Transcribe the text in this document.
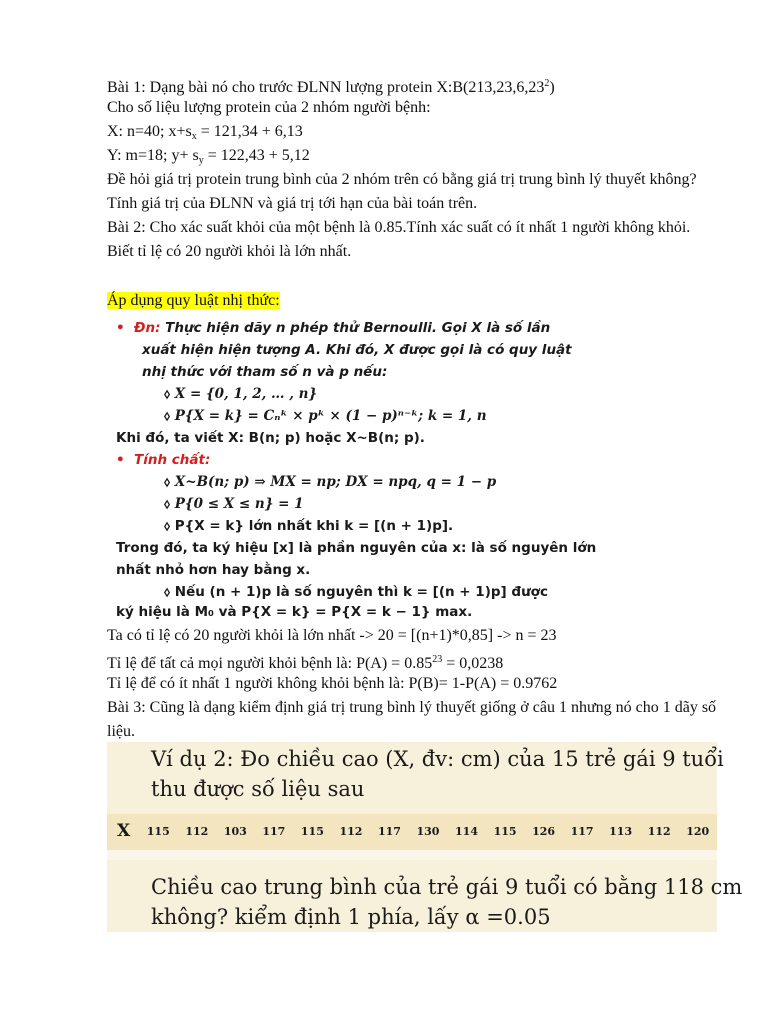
Bài 1: Dạng bài nó cho trước ĐLNN lượng protein X:B(213,23,6,23$^2$)

Cho số liệu lượng protein của 2 nhóm người bệnh:

X: n=40; $x+s_x = 121,34 + 6,13$

Y: m=18; $y+ s_y = 122,43 + 5,12$

Đề hỏi giá trị protein trung bình của 2 nhóm trên có bằng giá trị trung bình lý thuyết không? Tính giá trị của ĐLNN và giá trị tới hạn của bài toán trên.

Bài 2: Cho xác suất khỏi của một bệnh là 0.85.Tính xác suất có ít nhất 1 người không khỏi. Biết tỉ lệ có 20 người khỏi là lớn nhất.

Áp dụng quy luật nhị thức:

• Đn: Thực hiện dãy n phép thử Bernoulli. Gọi X là số lần
xuất hiện hiện tượng A. Khi đó, X được gọi là có quy luật
nhị thức với tham số n và p nếu:
⬨ X = {0, 1, 2, … , n}
⬨ P{X = k} = Cₙᵏ × pᵏ × (1 − p)ⁿ⁻ᵏ; k = 1, n
Khi đó, ta viết X: B(n; p) hoặc X~B(n; p).
• Tính chất:
⬨ X~B(n; p) ⇒ MX = np; DX = npq, q = 1 − p
⬨ P{0 ≤ X ≤ n} = 1
⬨ P{X = k} lớn nhất khi k = [(n + 1)p].
Trong đó, ta ký hiệu [x] là phần nguyên của x: là số nguyên lớn
nhất nhỏ hơn hay bằng x.
⬨ Nếu (n + 1)p là số nguyên thì k = [(n + 1)p] được
ký hiệu là M₀ và P{X = k} = P{X = k − 1} max.

Ta có tỉ lệ có 20 người khỏi là lớn nhất -> 20 = [(n+1)*0,85] -> n = 23

Tỉ lệ để tất cả mọi người khỏi bệnh là: $P(A) = 0.85^{23} = 0,0238$

Tỉ lệ để có ít nhất 1 người không khỏi bệnh là: P(B)= 1-P(A) = 0.9762

Bài 3: Cũng là dạng kiểm định giá trị trung bình lý thuyết giống ở câu 1 nhưng nó cho 1 dãy số liệu.

Ví dụ 2: Đo chiều cao (X, đv: cm) của 15 trẻ gái 9 tuổi
thu được số liệu sau
X	115	112	103	117	115	112	117	130	114	115	126	117	113	112	120
Chiều cao trung bình của trẻ gái 9 tuổi có bằng 118 cm
không? kiểm định 1 phía, lấy α =0.05
